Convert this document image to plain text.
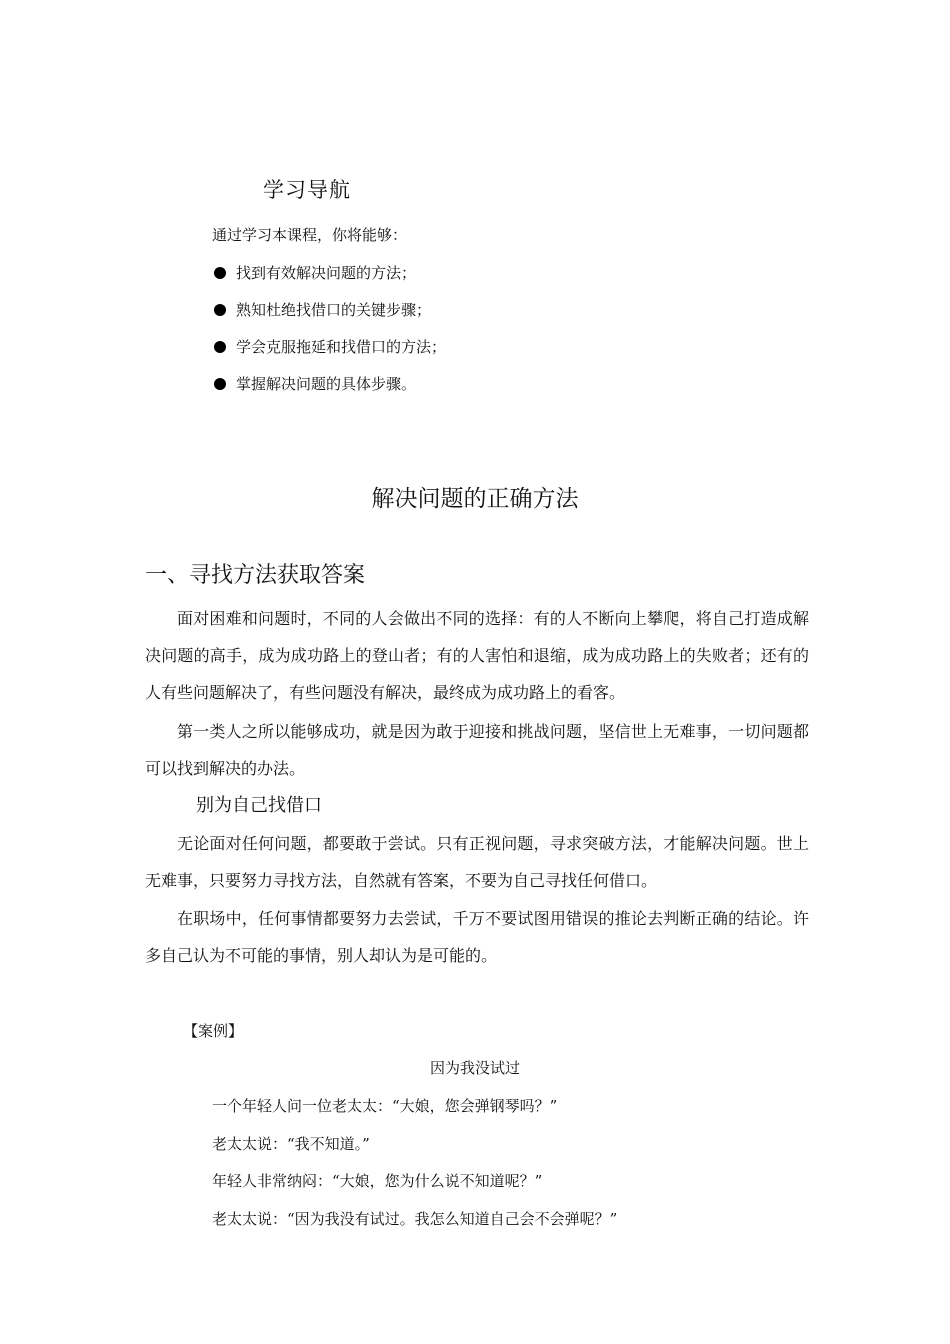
学习导航
通过学习本课程，你将能够：
找到有效解决问题的方法；
熟知杜绝找借口的关键步骤；
学会克服拖延和找借口的方法；
掌握解决问题的具体步骤。
解决问题的正确方法
一、寻找方法获取答案
面对困难和问题时，不同的人会做出不同的选择：有的人不断向上攀爬，将自己打造成解决问题的高手，成为成功路上的登山者；有的人害怕和退缩，成为成功路上的失败者；还有的人有些问题解决了，有些问题没有解决，最终成为成功路上的看客。
第一类人之所以能够成功，就是因为敢于迎接和挑战问题，坚信世上无难事，一切问题都可以找到解决的办法。
别为自己找借口
无论面对任何问题，都要敢于尝试。只有正视问题，寻求突破方法，才能解决问题。世上无难事，只要努力寻找方法，自然就有答案，不要为自己寻找任何借口。
在职场中，任何事情都要努力去尝试，千万不要试图用错误的推论去判断正确的结论。许多自己认为不可能的事情，别人却认为是可能的。
【案例】
因为我没试过
一个年轻人问一位老太太：“大娘，您会弹钢琴吗？”
老太太说：“我不知道。”
年轻人非常纳闷：“大娘，您为什么说不知道呢？”
老太太说：“因为我没有试过。我怎么知道自己会不会弹呢？”
